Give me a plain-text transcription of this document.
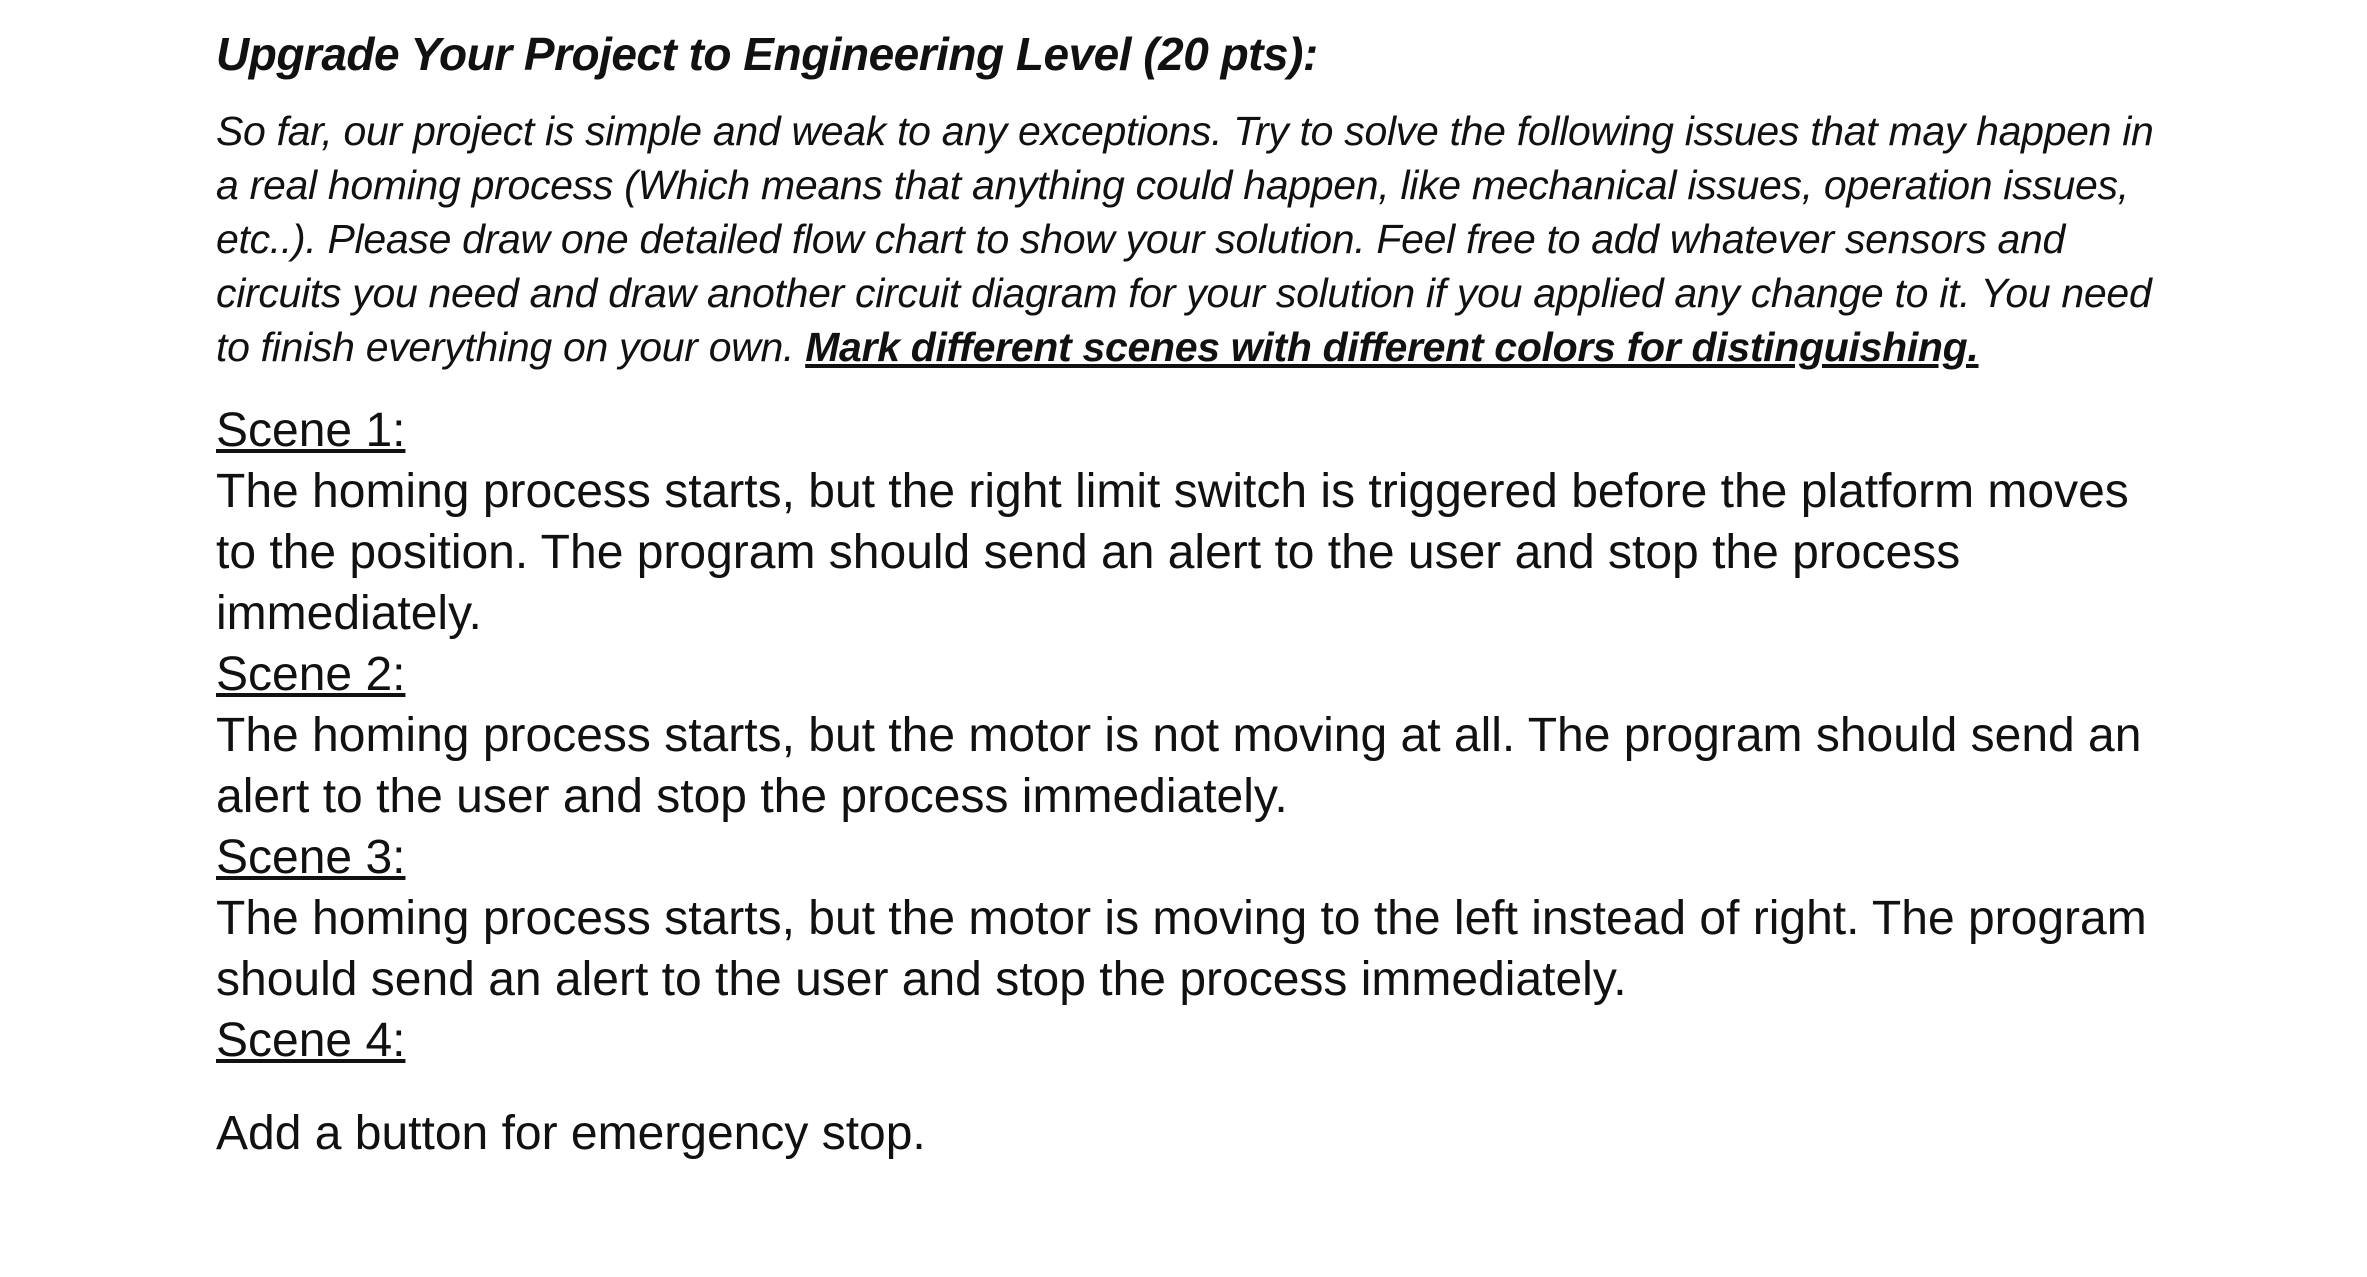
Upgrade Your Project to Engineering Level (20 pts):
So far, our project is simple and weak to any exceptions. Try to solve the following issues that may happen in a real homing process (Which means that anything could happen, like mechanical issues, operation issues, etc..). Please draw one detailed flow chart to show your solution. Feel free to add whatever sensors and circuits you need and draw another circuit diagram for your solution if you applied any change to it. You need to finish everything on your own. Mark different scenes with different colors for distinguishing.
Scene 1:
The homing process starts, but the right limit switch is triggered before the platform moves to the position. The program should send an alert to the user and stop the process immediately.
Scene 2:
The homing process starts, but the motor is not moving at all. The program should send an alert to the user and stop the process immediately.
Scene 3:
The homing process starts, but the motor is moving to the left instead of right. The program should send an alert to the user and stop the process immediately.
Scene 4:
Add a button for emergency stop.
